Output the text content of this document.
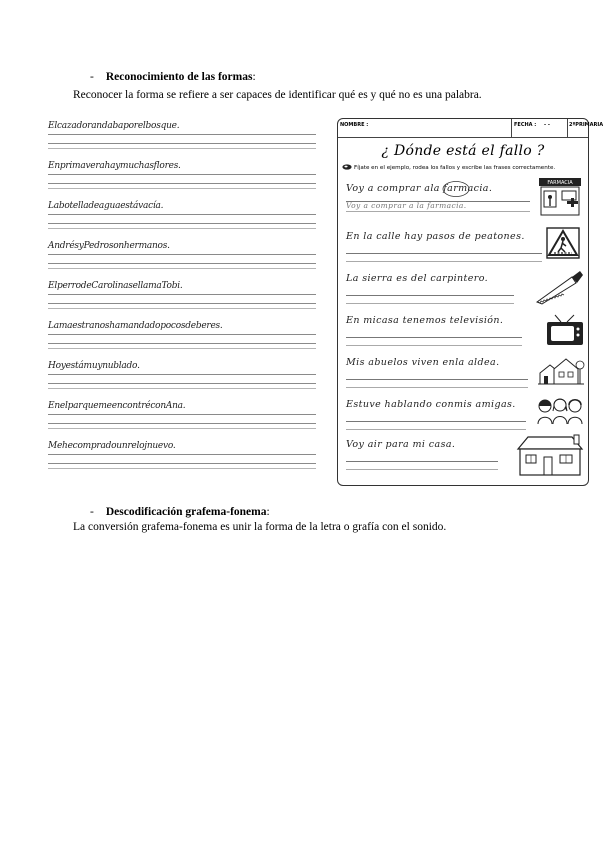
- Reconocimiento de las formas:
Reconocer la forma se refiere a ser capaces de identificar qué es y qué no es una palabra.
Elcazadorandabaporelbosque.
Enprimaverahaymuchasflores.
Labotelladeaguaestávacía.
AndrésyPedrosonhermanos.
ElperrodeCarolinasellamaTobi.
Lamaestranoshamandadopocosdeberes.
Hoyestámuynublado.
EnelparquemeencontréconAna.
Mehecompradounrelojnuevo.
NOMBRE :	FECHA : - -	2ºPRIMARIA
¿ Dónde está el fallo ?
Fíjate en el ejemplo, rodea los fallos y escribe las frases correctamente.
Voy a comprar ala farmacia.
Voy a comprar a la farmacia.
FARMACIA
En la calle hay pasos de peatones.
La sierra es del carpintero.
En micasa tenemos televisión.
Mis abuelos viven enla aldea.
Estuve hablando conmis amigas.
Voy air para mi casa.
- Descodificación grafema-fonema:
La conversión grafema-fonema es unir la forma de la letra o grafía con el sonido.
